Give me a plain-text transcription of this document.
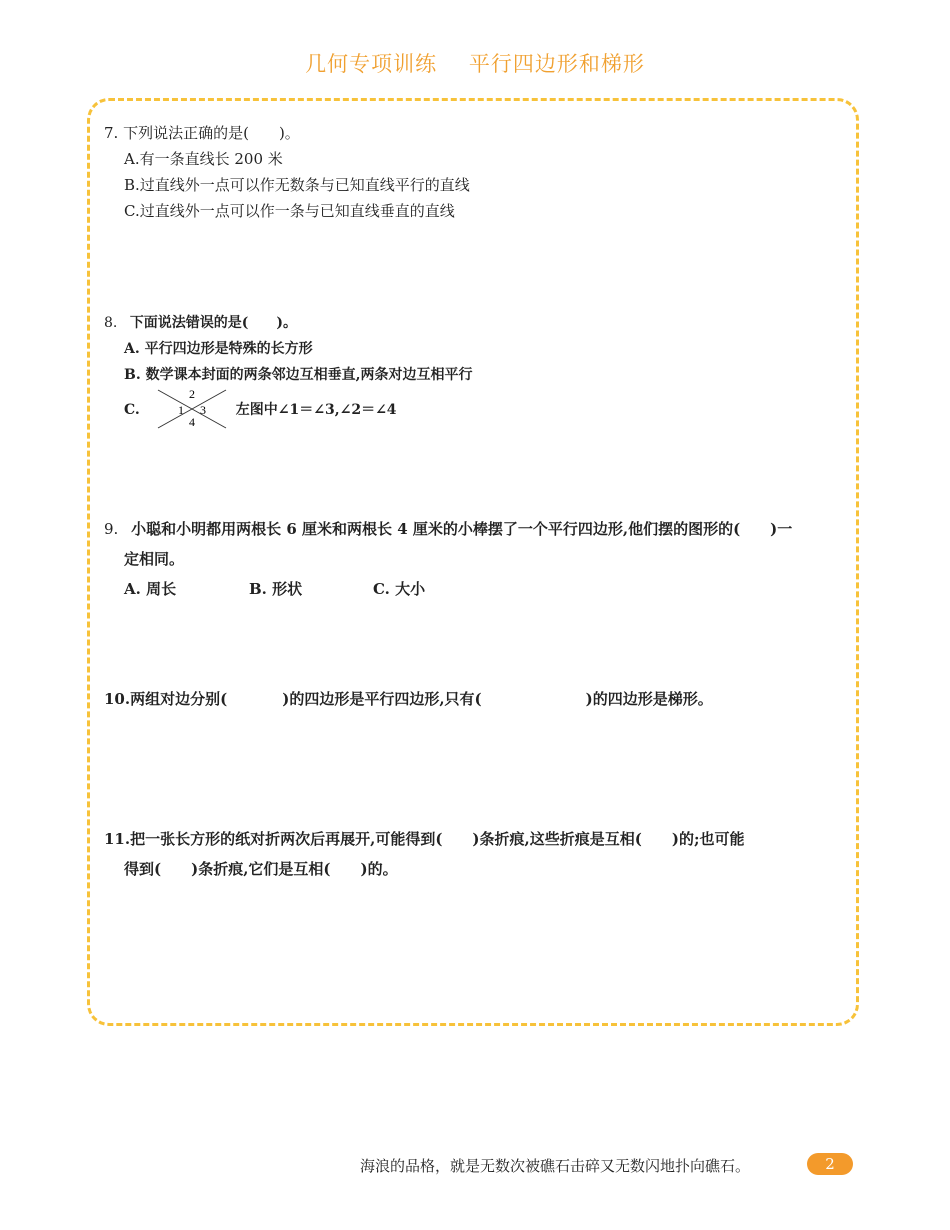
几何专项训练 平行四边形和梯形
7. 下列说法正确的是(　　)。
A.有一条直线长 200 米
B.过直线外一点可以作无数条与已知直线平行的直线
C.过直线外一点可以作一条与已知直线垂直的直线
8. 下面说法错误的是(　　)。
A. 平行四边形是特殊的长方形
B. 数学课本封面的两条邻边互相垂直,两条对边互相平行
C.
2
1 3
4
左图中∠1＝∠3,∠2＝∠4
9. 小聪和小明都用两根长 6 厘米和两根长 4 厘米的小棒摆了一个平行四边形,他们摆的图形的(　　)一
定相同。
A. 周长	B. 形状	C. 大小
10.两组对边分别(	)的四边形是平行四边形,只有(	)的四边形是梯形。
11.把一张长方形的纸对折两次后再展开,可能得到(　　)条折痕,这些折痕是互相(　　)的;也可能
得到(　　)条折痕,它们是互相(　　)的。
海浪的品格，就是无数次被礁石击碎又无数闪地扑向礁石。	2
